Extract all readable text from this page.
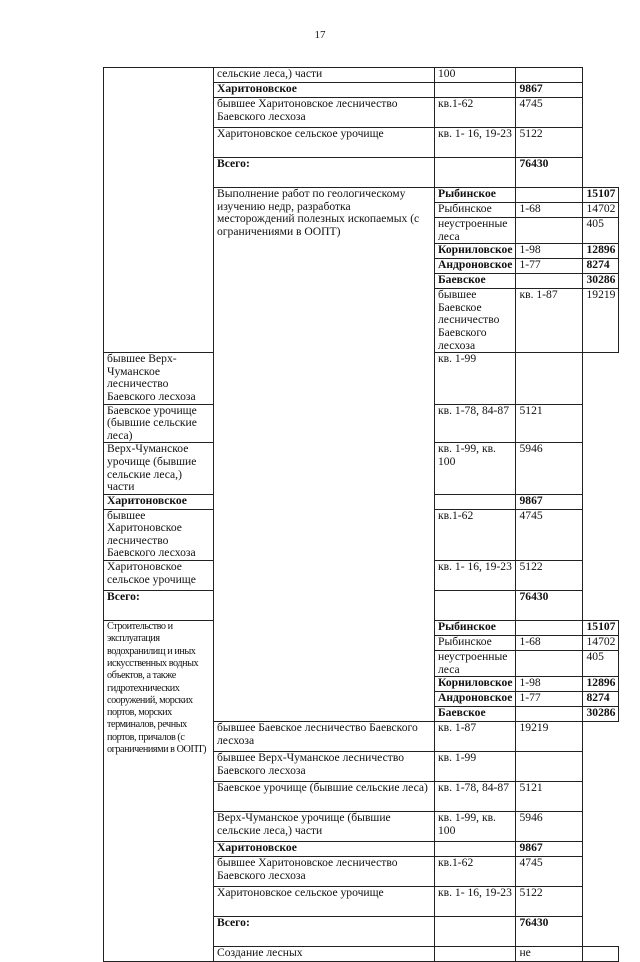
17
	сельские леса,) части	100		
	Харитоновское		9867	
	бывшее Харитоновское лесничество Баевского лесхоза	кв.1-62	4745	
	Харитоновское сельское урочище	кв. 1- 16, 19-23	5122	
	Всего:		76430	
	Выполнение работ по геологическому изучению недр, разработка месторождений полезных ископаемых (с ограничениями в ООПТ)	Рыбинское		15107
		Рыбинское	1-68	14702
		неустроенные леса		405
		Корниловское	1-98	12896
		Андроновское	1-77	8274
		Баевское		30286
		бывшее Баевское лесничество Баевского лесхоза	кв. 1-87	19219
бывшее Верх-Чуманское лесничество Баевского лесхоза		кв. 1-99		
Баевское урочище (бывшие сельские леса)		кв. 1-78, 84-87	5121	
Верх-Чуманское урочище (бывшие сельские леса,) части		кв. 1-99, кв. 100	5946	
Харитоновское			9867	
бывшее Харитоновское лесничество Баевского лесхоза		кв.1-62	4745	
Харитоновское сельское урочище		кв. 1- 16, 19-23	5122	
Всего:			76430	
Строительство и эксплуатация водохранилищ и иных искусственных водных объектов, а также гидротехнических сооружений, морских портов, морских терминалов, речных портов, причалов (с ограничениями в ООПТ)		Рыбинское		15107
		Рыбинское	1-68	14702
		неустроенные леса		405
		Корниловское	1-98	12896
		Андроновское	1-77	8274
		Баевское		30286
	бывшее Баевское лесничество Баевского лесхоза	кв. 1-87	19219	
	бывшее Верх-Чуманское лесничество Баевского лесхоза	кв. 1-99		
	Баевское урочище (бывшие сельские леса)	кв. 1-78, 84-87	5121	
	Верх-Чуманское урочище (бывшие сельские леса,) части	кв. 1-99, кв. 100	5946	
	Харитоновское		9867	
	бывшее Харитоновское лесничество Баевского лесхоза	кв.1-62	4745	
	Харитоновское сельское урочище	кв. 1- 16, 19-23	5122	
	Всего:		76430	
	Создание лесных		не	
